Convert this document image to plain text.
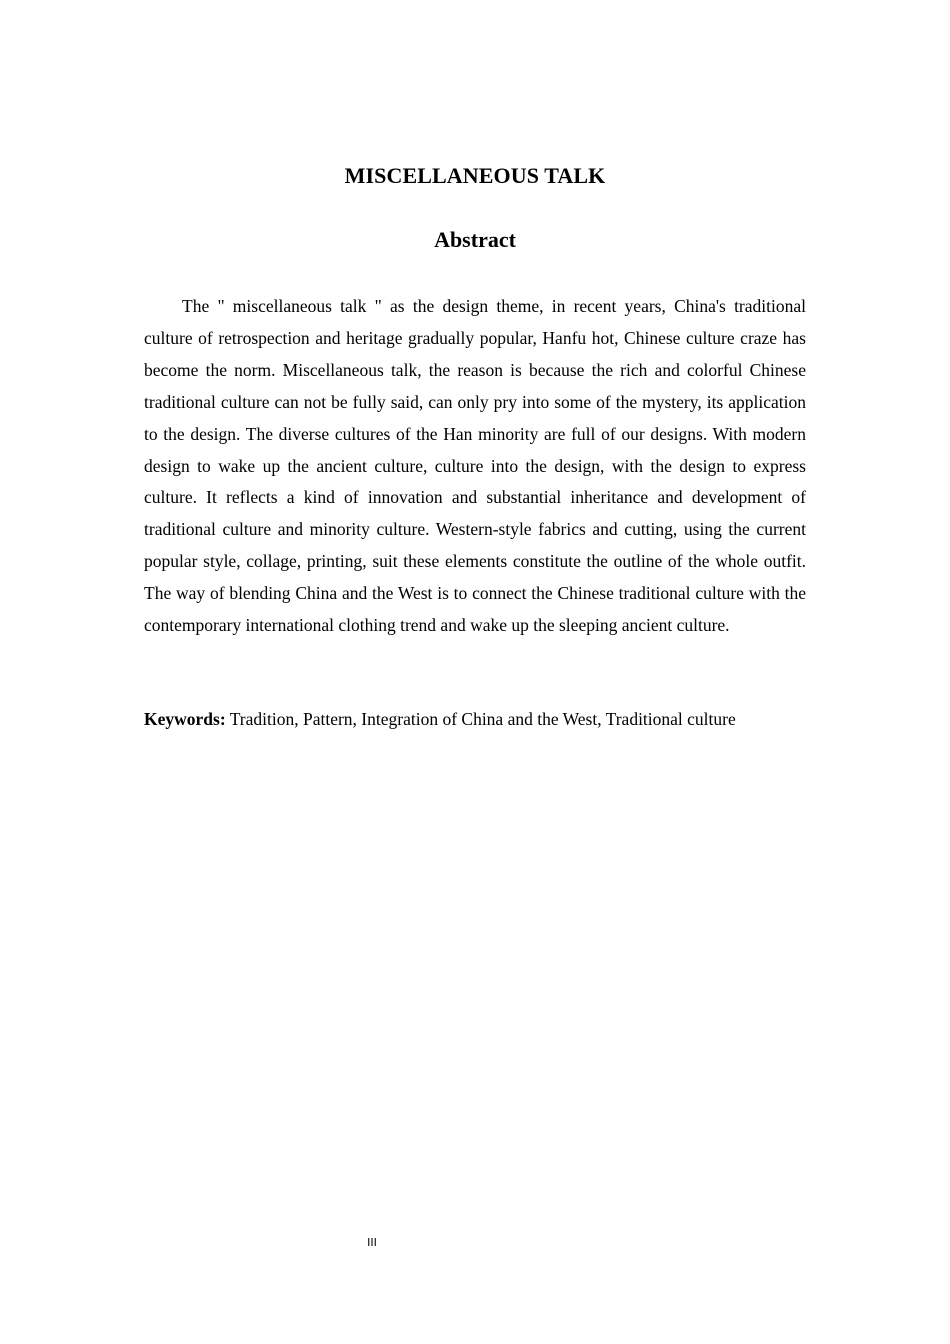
MISCELLANEOUS TALK
Abstract

The " miscellaneous talk " as the design theme, in recent years, China's traditional culture of retrospection and heritage gradually popular, Hanfu hot, Chinese culture craze has become the norm. Miscellaneous talk, the reason is because the rich and colorful Chinese traditional culture can not be fully said, can only pry into some of the mystery, its application to the design. The diverse cultures of the Han minority are full of our designs. With modern design to wake up the ancient culture, culture into the design, with the design to express culture. It reflects a kind of innovation and substantial inheritance and development of traditional culture and minority culture. Western-style fabrics and cutting, using the current popular style, collage, printing, suit these elements constitute the outline of the whole outfit. The way of blending China and the West is to connect the Chinese traditional culture with the contemporary international clothing trend and wake up the sleeping ancient culture.

Keywords: Tradition, Pattern, Integration of China and the West, Traditional culture

III
